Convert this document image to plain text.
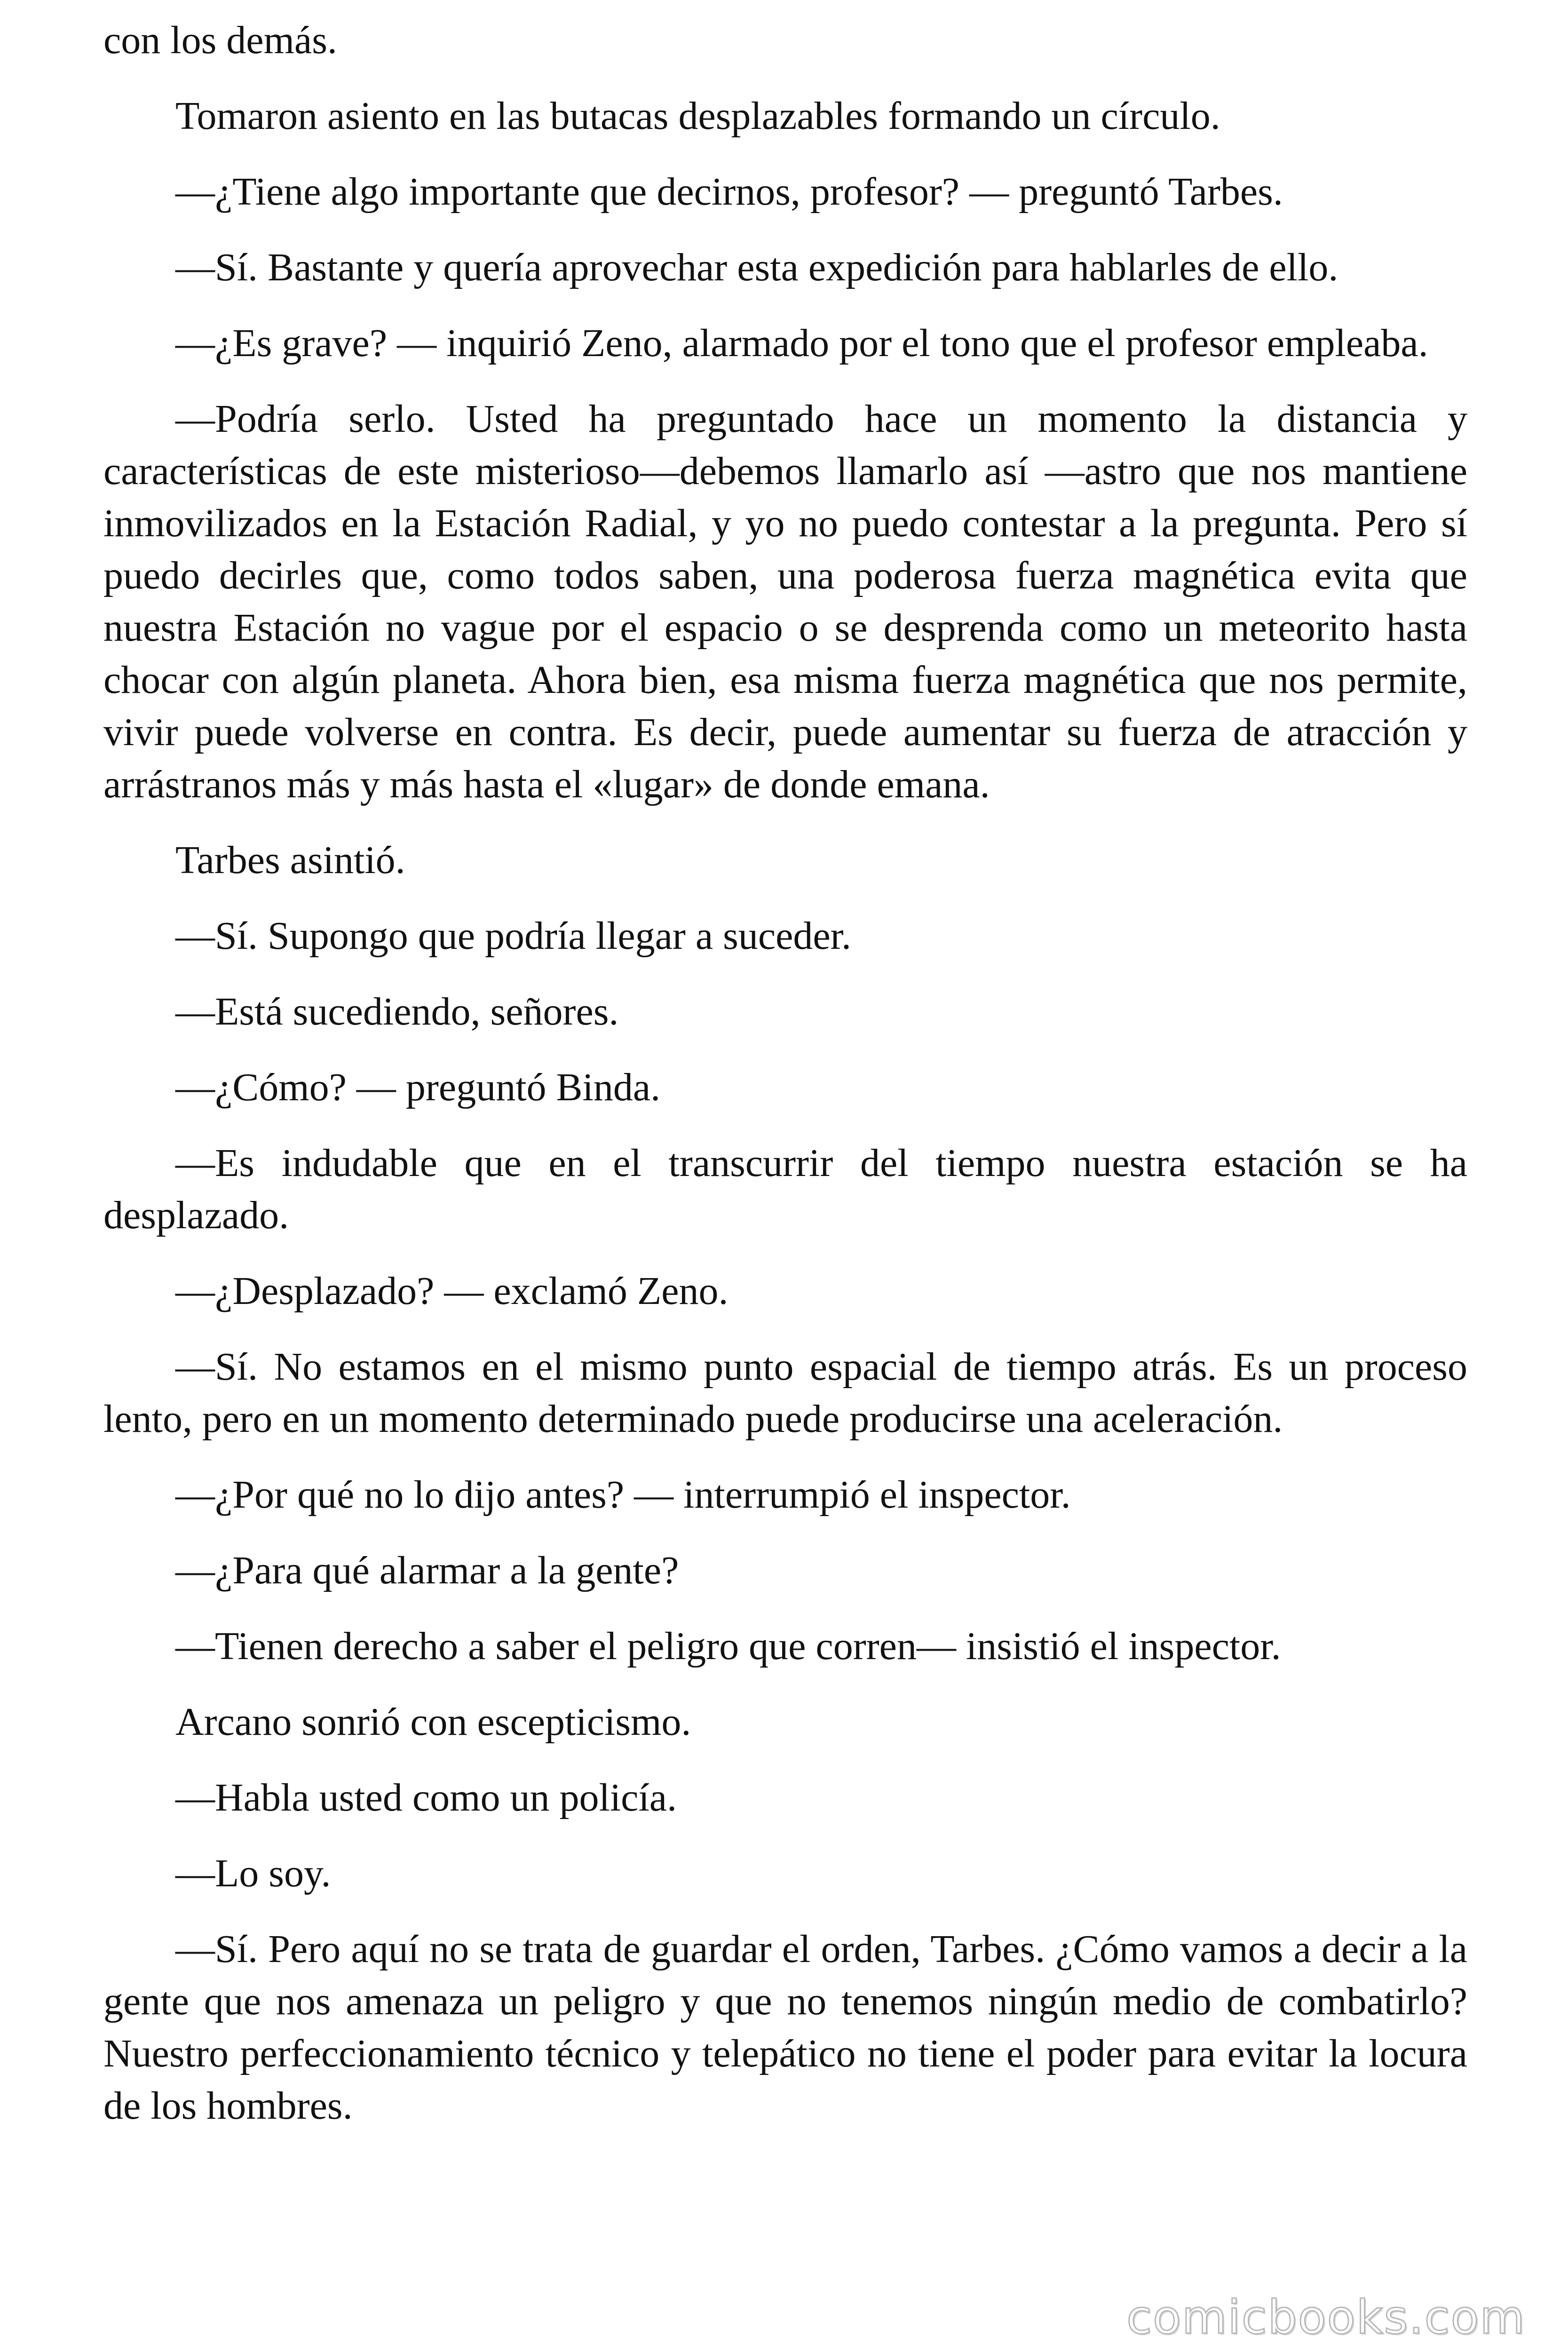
con los demás.

Tomaron asiento en las butacas desplazables formando un círculo.

—¿Tiene algo importante que decirnos, profesor? — preguntó Tarbes.

—Sí. Bastante y quería aprovechar esta expedición para hablarles de ello.

—¿Es grave? — inquirió Zeno, alarmado por el tono que el profesor empleaba.

—Podría serlo. Usted ha preguntado hace un momento la distancia y características de este misterioso—debemos llamarlo así —astro que nos mantiene inmovilizados en la Estación Radial, y yo no puedo contestar a la pregunta. Pero sí puedo decirles que, como todos saben, una poderosa fuerza magnética evita que nuestra Estación no vague por el espacio o se desprenda como un meteorito hasta chocar con algún planeta. Ahora bien, esa misma fuerza magnética que nos permite, vivir puede volverse en contra. Es decir, puede aumentar su fuerza de atracción y arrástranos más y más hasta el «lugar» de donde emana.

Tarbes asintió.

—Sí. Supongo que podría llegar a suceder.

—Está sucediendo, señores.

—¿Cómo? — preguntó Binda.

—Es indudable que en el transcurrir del tiempo nuestra estación se ha desplazado.

—¿Desplazado? — exclamó Zeno.

—Sí. No estamos en el mismo punto espacial de tiempo atrás. Es un proceso lento, pero en un momento determinado puede producirse una aceleración.

—¿Por qué no lo dijo antes? — interrumpió el inspector.

—¿Para qué alarmar a la gente?

—Tienen derecho a saber el peligro que corren— insistió el inspector.

Arcano sonrió con escepticismo.

—Habla usted como un policía.

—Lo soy.

—Sí. Pero aquí no se trata de guardar el orden, Tarbes. ¿Cómo vamos a decir a la gente que nos amenaza un peligro y que no tenemos ningún medio de combatirlo? Nuestro perfeccionamiento técnico y telepático no tiene el poder para evitar la locura de los hombres.

comicbooks.com
